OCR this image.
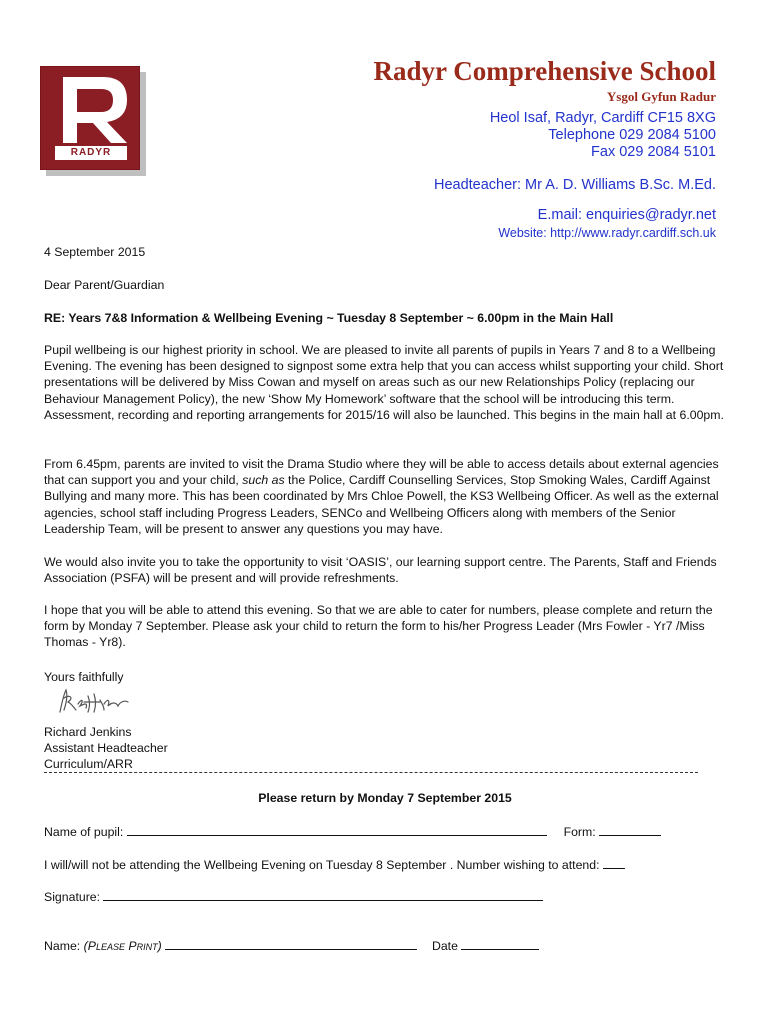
RADYR
Radyr Comprehensive School
Ysgol Gyfun Radur
Heol Isaf, Radyr, Cardiff CF15 8XG
Telephone 029 2084 5100
Fax 029 2084 5101
Headteacher: Mr A. D. Williams B.Sc. M.Ed.
E.mail: enquiries@radyr.net
Website: http://www.radyr.cardiff.sch.uk
4 September 2015
Dear Parent/Guardian
RE: Years 7&8 Information & Wellbeing Evening ~ Tuesday 8 September ~ 6.00pm in the Main Hall

Pupil wellbeing is our highest priority in school. We are pleased to invite all parents of pupils in Years 7 and 8 to a Wellbeing Evening. The evening has been designed to signpost some extra help that you can access whilst supporting your child. Short presentations will be delivered by Miss Cowan and myself on areas such as our new Relationships Policy (replacing our Behaviour Management Policy), the new ‘Show My Homework’ software that the school will be introducing this term. Assessment, recording and reporting arrangements for 2015/16 will also be launched. This begins in the main hall at 6.00pm.

From 6.45pm, parents are invited to visit the Drama Studio where they will be able to access details about external agencies that can support you and your child, such as the Police, Cardiff Counselling Services, Stop Smoking Wales, Cardiff Against Bullying and many more. This has been coordinated by Mrs Chloe Powell, the KS3 Wellbeing Officer. As well as the external agencies, school staff including Progress Leaders, SENCo and Wellbeing Officers along with members of the Senior Leadership Team, will be present to answer any questions you may have.

We would also invite you to take the opportunity to visit ‘OASIS’, our learning support centre. The Parents, Staff and Friends Association (PSFA) will be present and will provide refreshments.

I hope that you will be able to attend this evening. So that we are able to cater for numbers, please complete and return the form by Monday 7 September. Please ask your child to return the form to his/her Progress Leader (Mrs Fowler - Yr7 /Miss Thomas - Yr8).

Yours faithfully

Richard Jenkins

Assistant Headteacher

Curriculum/ARR

Please return by Monday 7 September 2015
Name of pupil:	Form:
I will/will not be attending the Wellbeing Evening on Tuesday 8 September . Number wishing to attend:
Signature:
Name: (Please Print)	Date
